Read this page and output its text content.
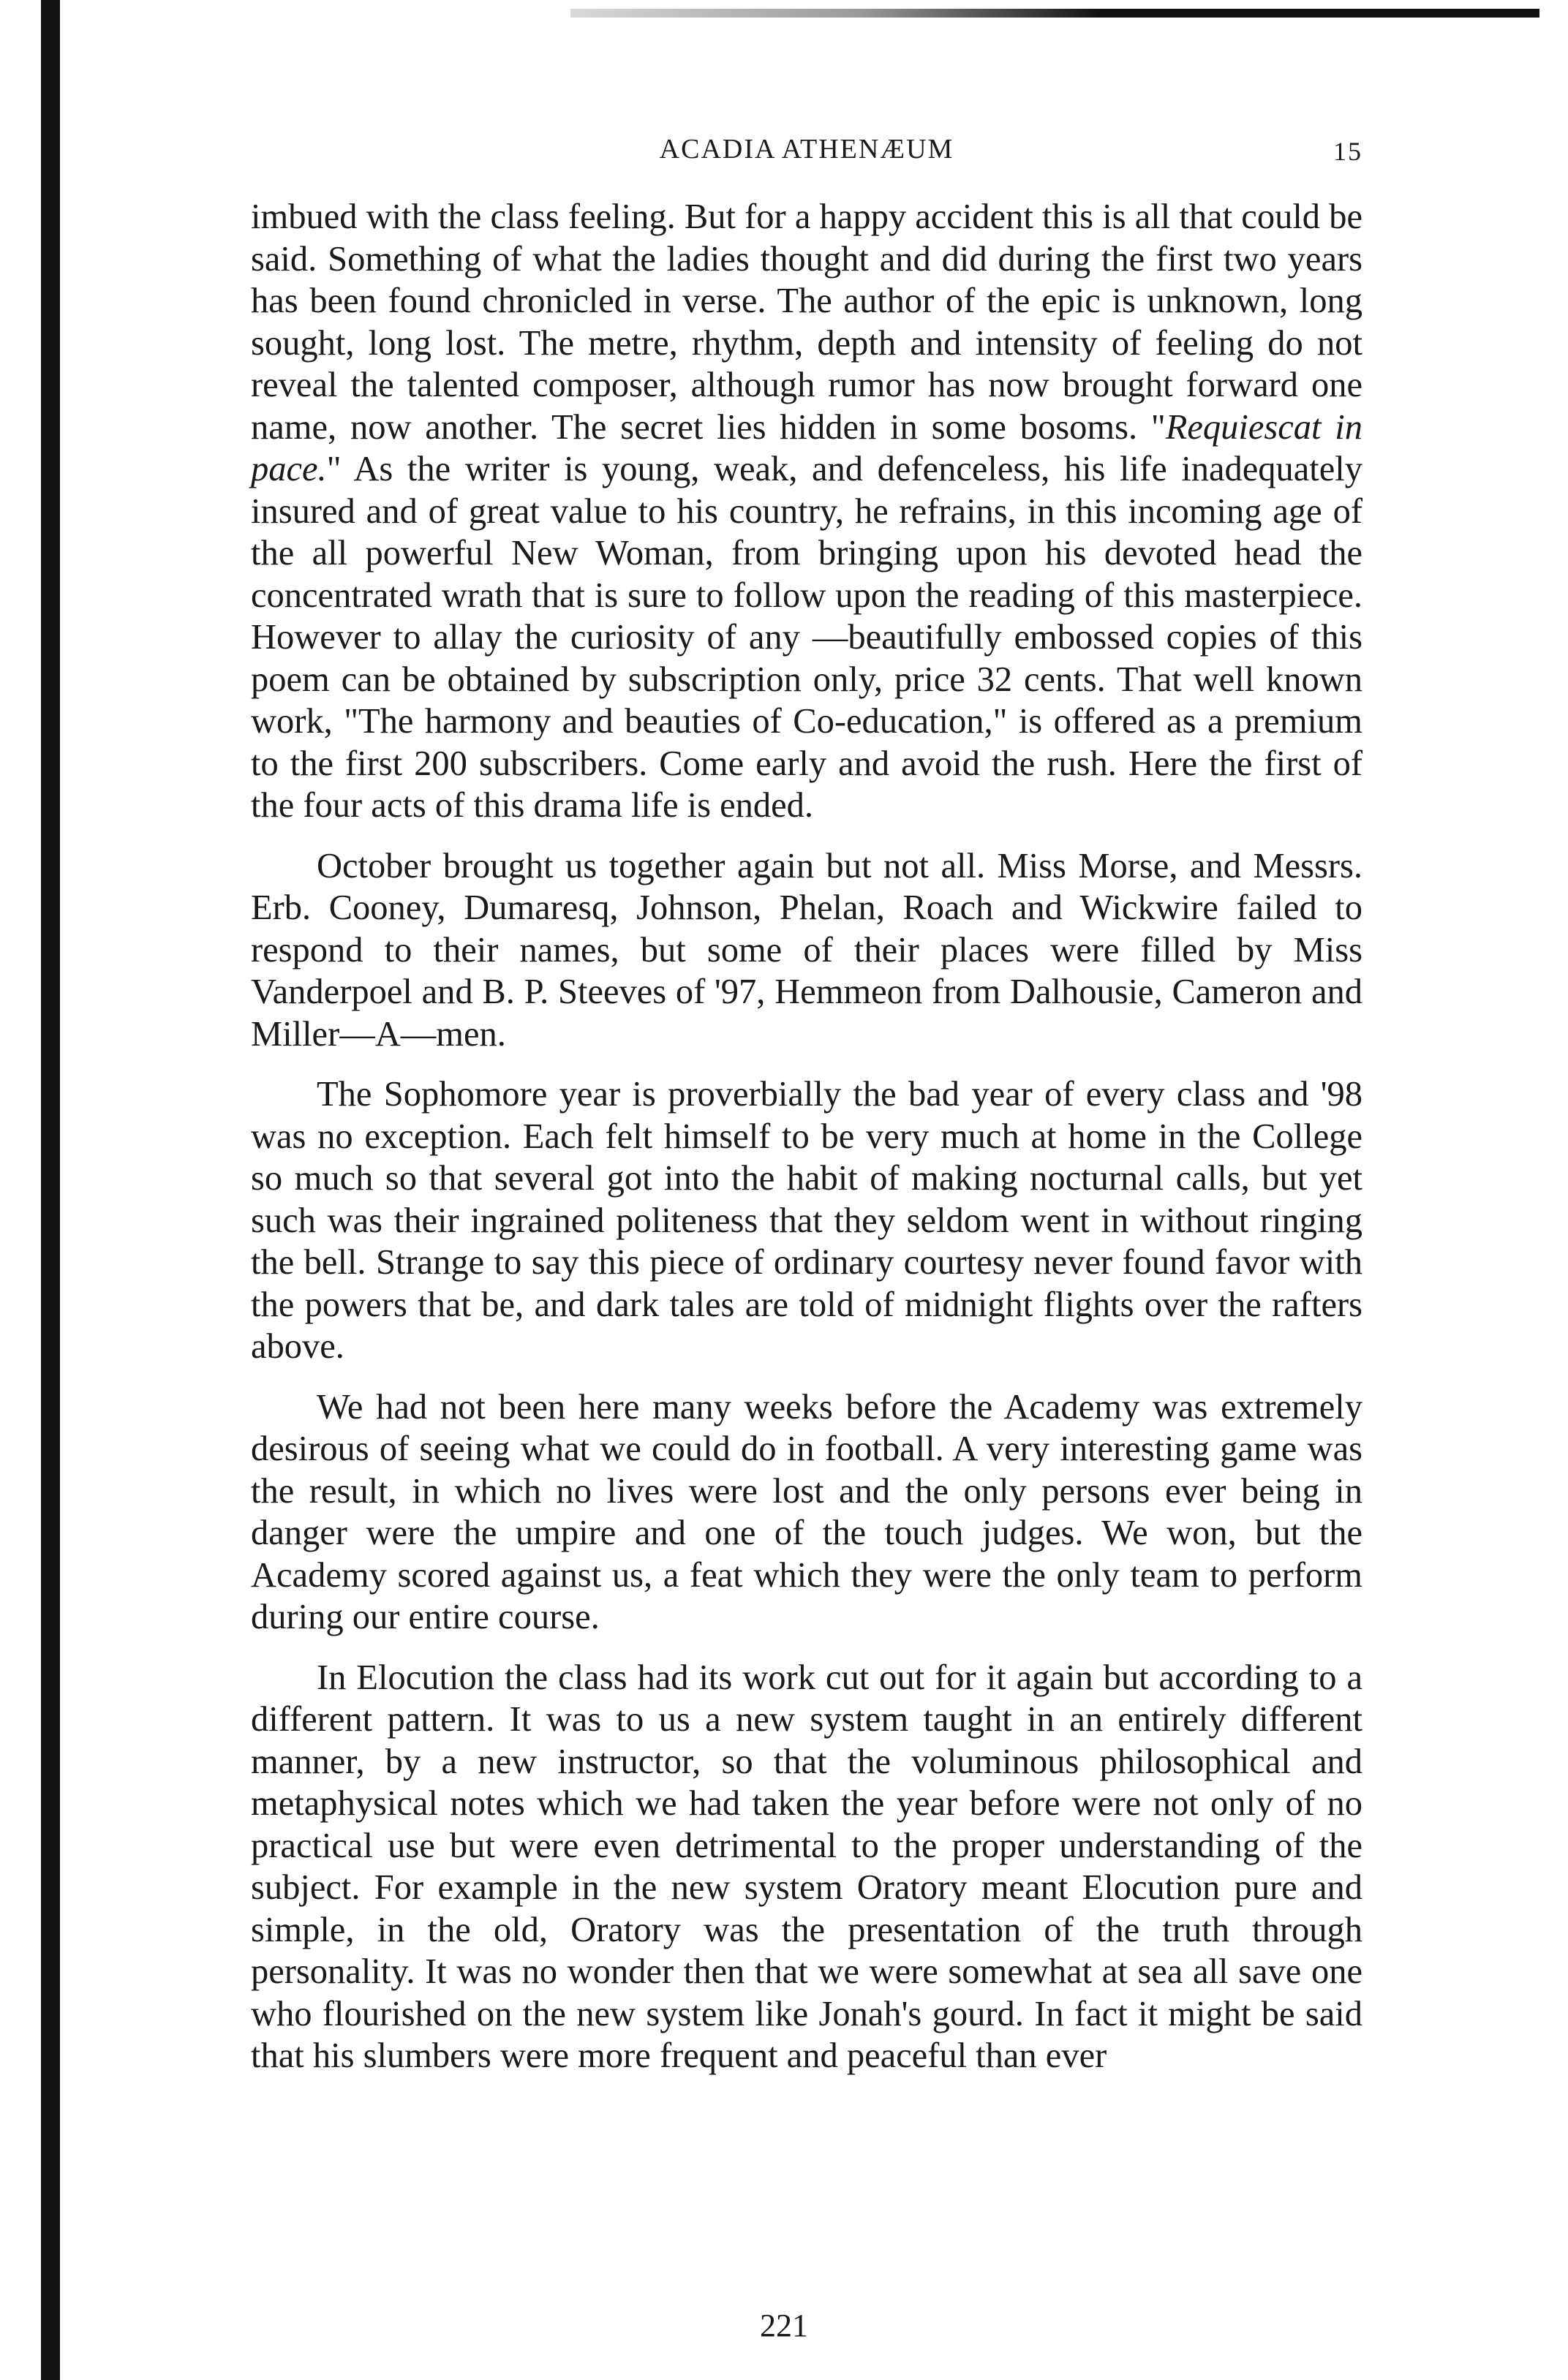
ACADIA ATHENÆUM	15

imbued with the class feeling. But for a happy accident this is all that could be said. Something of what the ladies thought and did during the first two years has been found chronicled in verse. The author of the epic is unknown, long sought, long lost. The metre, rhythm, depth and intensity of feeling do not reveal the talented composer, although rumor has now brought forward one name, now another. The secret lies hidden in some bosoms. "Requiescat in pace." As the writer is young, weak, and defenceless, his life inadequately insured and of great value to his country, he refrains, in this incoming age of the all powerful New Woman, from bringing upon his devoted head the concentrated wrath that is sure to follow upon the reading of this masterpiece. However to allay the curiosity of any —beautifully embossed copies of this poem can be obtained by subscription only, price 32 cents. That well known work, "The harmony and beauties of Co-education," is offered as a premium to the first 200 subscribers. Come early and avoid the rush. Here the first of the four acts of this drama life is ended.

October brought us together again but not all. Miss Morse, and Messrs. Erb. Cooney, Dumaresq, Johnson, Phelan, Roach and Wickwire failed to respond to their names, but some of their places were filled by Miss Vanderpoel and B. P. Steeves of '97, Hemmeon from Dalhousie, Cameron and Miller—A—men.

The Sophomore year is proverbially the bad year of every class and '98 was no exception. Each felt himself to be very much at home in the College so much so that several got into the habit of making nocturnal calls, but yet such was their ingrained politeness that they seldom went in without ringing the bell. Strange to say this piece of ordinary courtesy never found favor with the powers that be, and dark tales are told of midnight flights over the rafters above.

We had not been here many weeks before the Academy was extremely desirous of seeing what we could do in football. A very interesting game was the result, in which no lives were lost and the only persons ever being in danger were the umpire and one of the touch judges. We won, but the Academy scored against us, a feat which they were the only team to perform during our entire course.

In Elocution the class had its work cut out for it again but according to a different pattern. It was to us a new system taught in an entirely different manner, by a new instructor, so that the voluminous philosophical and metaphysical notes which we had taken the year before were not only of no practical use but were even detrimental to the proper understanding of the subject. For example in the new system Oratory meant Elocution pure and simple, in the old, Oratory was the presentation of the truth through personality. It was no wonder then that we were somewhat at sea all save one who flourished on the new system like Jonah's gourd. In fact it might be said that his slumbers were more frequent and peaceful than ever

221
